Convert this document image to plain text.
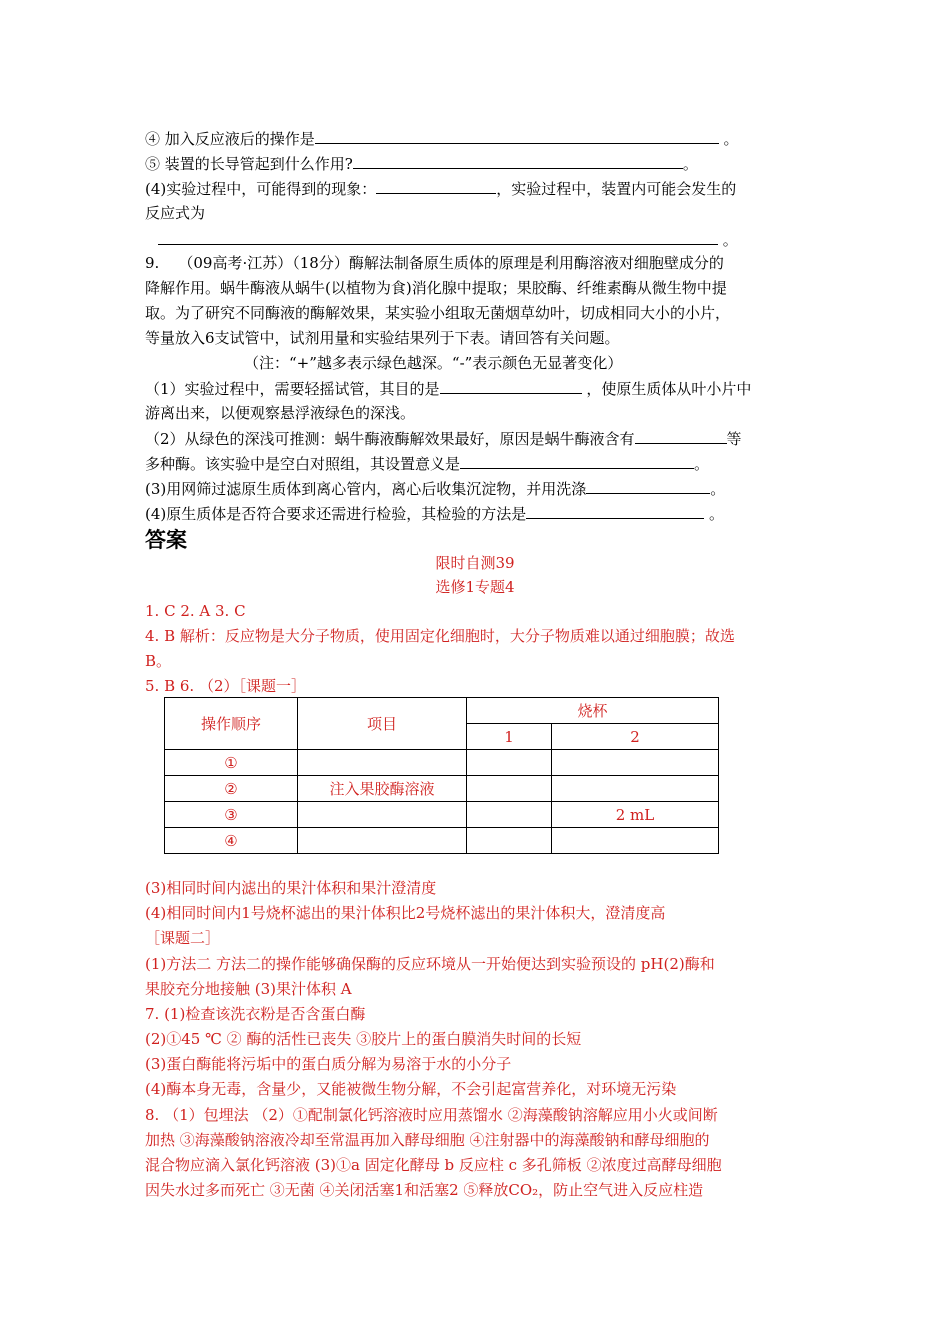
④ 加入反应液后的操作是	。
⑤ 装置的长导管起到什么作用?	。
(4)实验过程中，可能得到的现象：	，实验过程中，装置内可能会发生的
反应式为
。
9. （09高考·江苏）（18分）酶解法制备原生质体的原理是利用酶溶液对细胞壁成分的
降解作用。蜗牛酶液从蜗牛(以植物为食)消化腺中提取；果胶酶、纤维素酶从微生物中提
取。为了研究不同酶液的酶解效果，某实验小组取无菌烟草幼叶，切成相同大小的小片，
等量放入6支试管中，试剂用量和实验结果列于下表。请回答有关问题。
（注：“+”越多表示绿色越深。“-”表示颜色无显著变化）
（1）实验过程中，需要轻摇试管，其目的是	，使原生质体从叶小片中
游离出来，以便观察悬浮液绿色的深浅。
（2）从绿色的深浅可推测：蜗牛酶液酶解效果最好，原因是蜗牛酶液含有	等
多种酶。该实验中是空白对照组，其设置意义是	。
(3)用网筛过滤原生质体到离心管内，离心后收集沉淀物，并用洗涤	。
(4)原生质体是否符合要求还需进行检验，其检验的方法是	。
答案
限时自测39
选修1专题4
1. C 2. A 3. C
4. B 解析：反应物是大分子物质，使用固定化细胞时，大分子物质难以通过细胞膜；故选
B。
5. B 6. （2）［课题一］
操作顺序	项目	烧杯	
		1	2
①			
②	注入果胶酶溶液		
③			2 mL
④			
(3)相同时间内滤出的果汁体积和果汁澄清度
(4)相同时间内1号烧杯滤出的果汁体积比2号烧杯滤出的果汁体积大，澄清度高
［课题二］
(1)方法二 方法二的操作能够确保酶的反应环境从一开始便达到实验预设的 pH(2)酶和
果胶充分地接触 (3)果汁体积 A
7. (1)检查该洗衣粉是否含蛋白酶
(2)①45 ℃ ② 酶的活性已丧失 ③胶片上的蛋白膜消失时间的长短
(3)蛋白酶能将污垢中的蛋白质分解为易溶于水的小分子
(4)酶本身无毒，含量少，又能被微生物分解，不会引起富营养化，对环境无污染
8. （1）包埋法 （2）①配制氯化钙溶液时应用蒸馏水 ②海藻酸钠溶解应用小火或间断
加热 ③海藻酸钠溶液冷却至常温再加入酵母细胞 ④注射器中的海藻酸钠和酵母细胞的
混合物应滴入氯化钙溶液 (3)①a 固定化酵母 b 反应柱 c 多孔筛板 ②浓度过高酵母细胞
因失水过多而死亡 ③无菌 ④关闭活塞1和活塞2 ⑤释放CO₂，防止空气进入反应柱造
